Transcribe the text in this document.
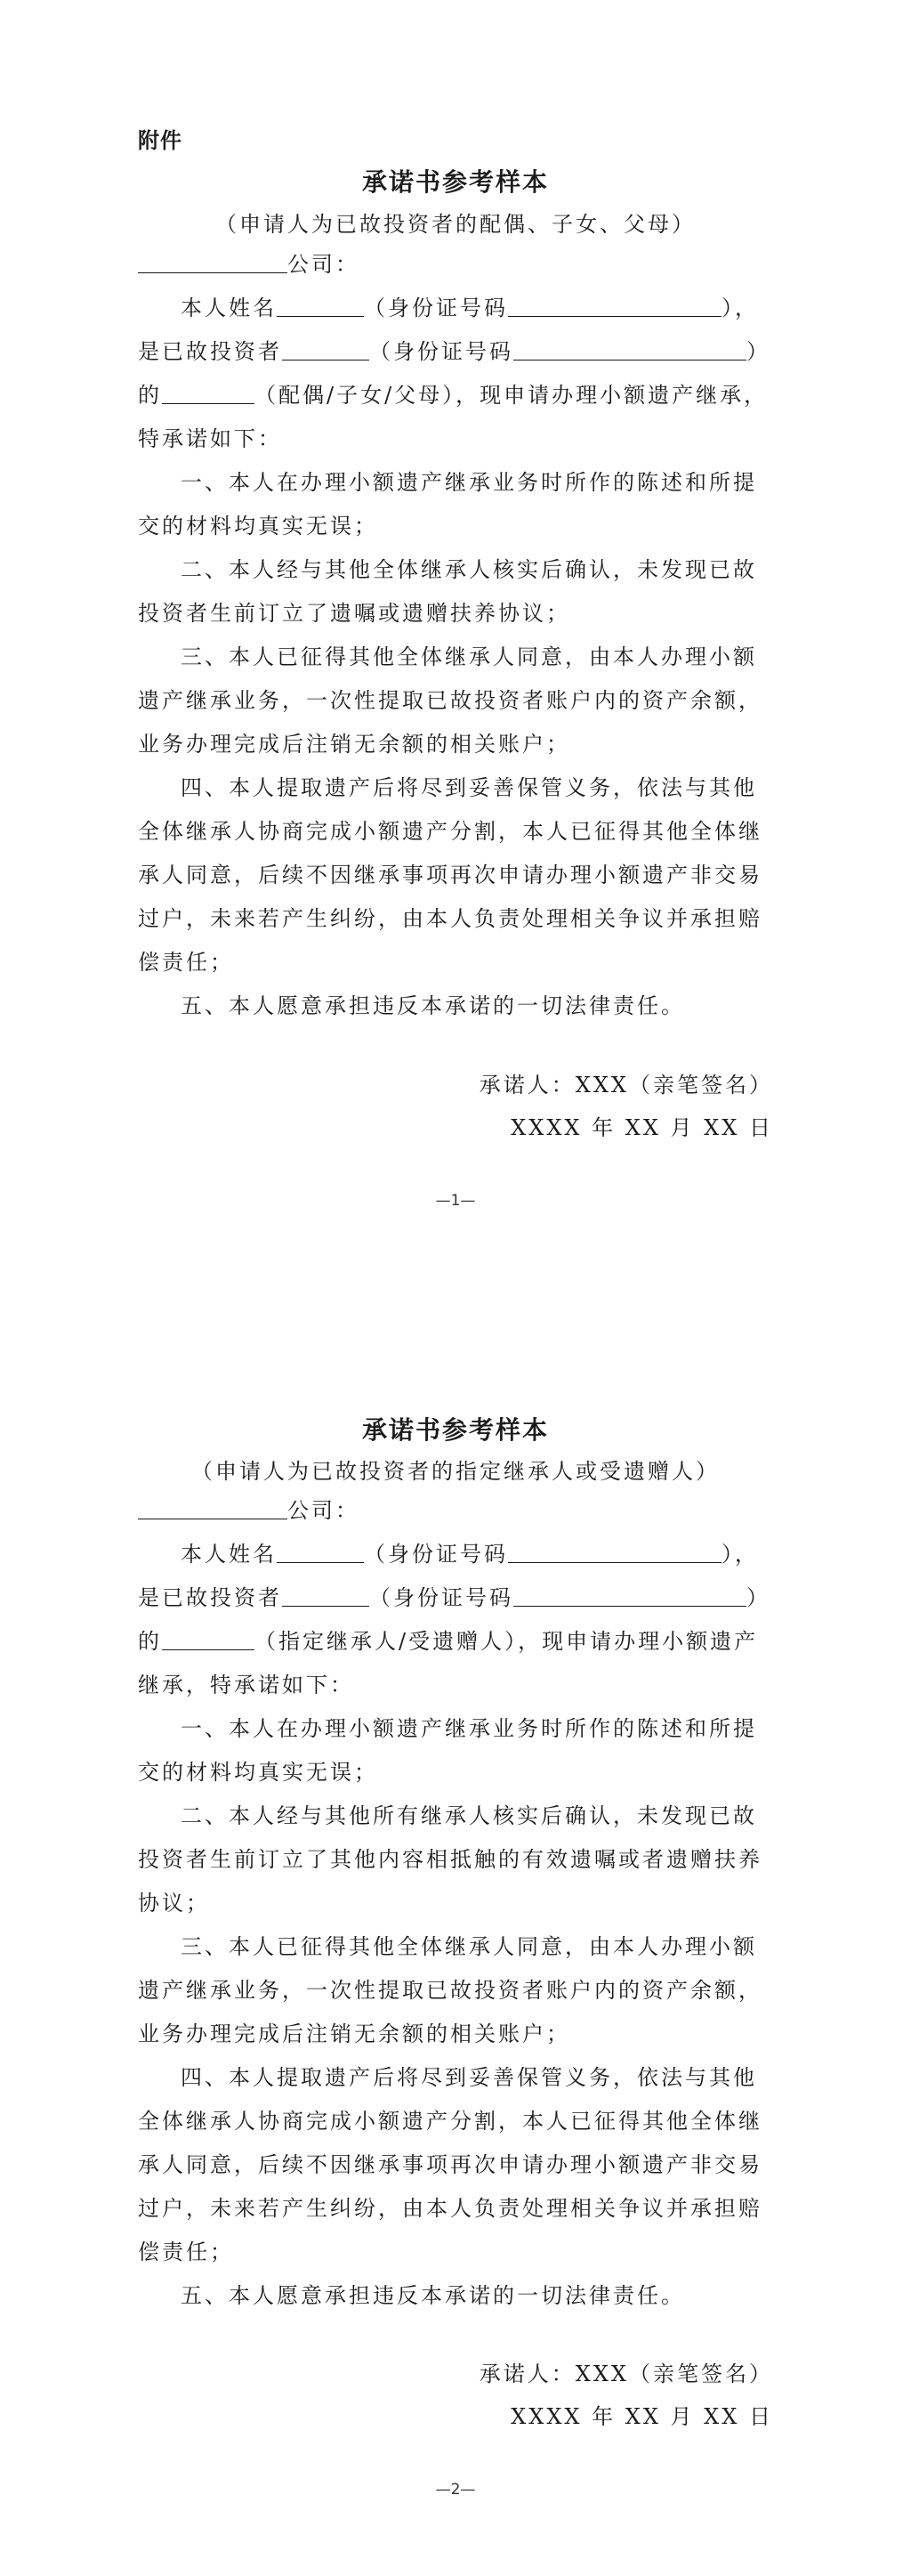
附件
承诺书参考样本
（申请人为已故投资者的配偶、子女、父母）

公司：

本人姓名	（身份证号码	），

是已故投资者	（身份证号码	）

的	（配偶/子女/父母），现申请办理小额遗产继承，

特承诺如下：

一、本人在办理小额遗产继承业务时所作的陈述和所提交的材料均真实无误；

二、本人经与其他全体继承人核实后确认，未发现已故投资者生前订立了遗嘱或遗赠扶养协议；

三、本人已征得其他全体继承人同意，由本人办理小额遗产继承业务，一次性提取已故投资者账户内的资产余额，业务办理完成后注销无余额的相关账户；

四、本人提取遗产后将尽到妥善保管义务，依法与其他全体继承人协商完成小额遗产分割，本人已征得其他全体继承人同意，后续不因继承事项再次申请办理小额遗产非交易过户，未来若产生纠纷，由本人负责处理相关争议并承担赔偿责任；

五、本人愿意承担违反本承诺的一切法律责任。

承诺人：XXX（亲笔签名）
XXXX 年 XX 月 XX 日
—1—
承诺书参考样本
（申请人为已故投资者的指定继承人或受遗赠人）

公司：

本人姓名	（身份证号码	），

是已故投资者	（身份证号码	）

的	（指定继承人/受遗赠人），现申请办理小额遗产

继承，特承诺如下：

一、本人在办理小额遗产继承业务时所作的陈述和所提交的材料均真实无误；

二、本人经与其他所有继承人核实后确认，未发现已故投资者生前订立了其他内容相抵触的有效遗嘱或者遗赠扶养协议；

三、本人已征得其他全体继承人同意，由本人办理小额遗产继承业务，一次性提取已故投资者账户内的资产余额，业务办理完成后注销无余额的相关账户；

四、本人提取遗产后将尽到妥善保管义务，依法与其他全体继承人协商完成小额遗产分割，本人已征得其他全体继承人同意，后续不因继承事项再次申请办理小额遗产非交易过户，未来若产生纠纷，由本人负责处理相关争议并承担赔偿责任；

五、本人愿意承担违反本承诺的一切法律责任。

承诺人：XXX（亲笔签名）
XXXX 年 XX 月 XX 日
—2—
